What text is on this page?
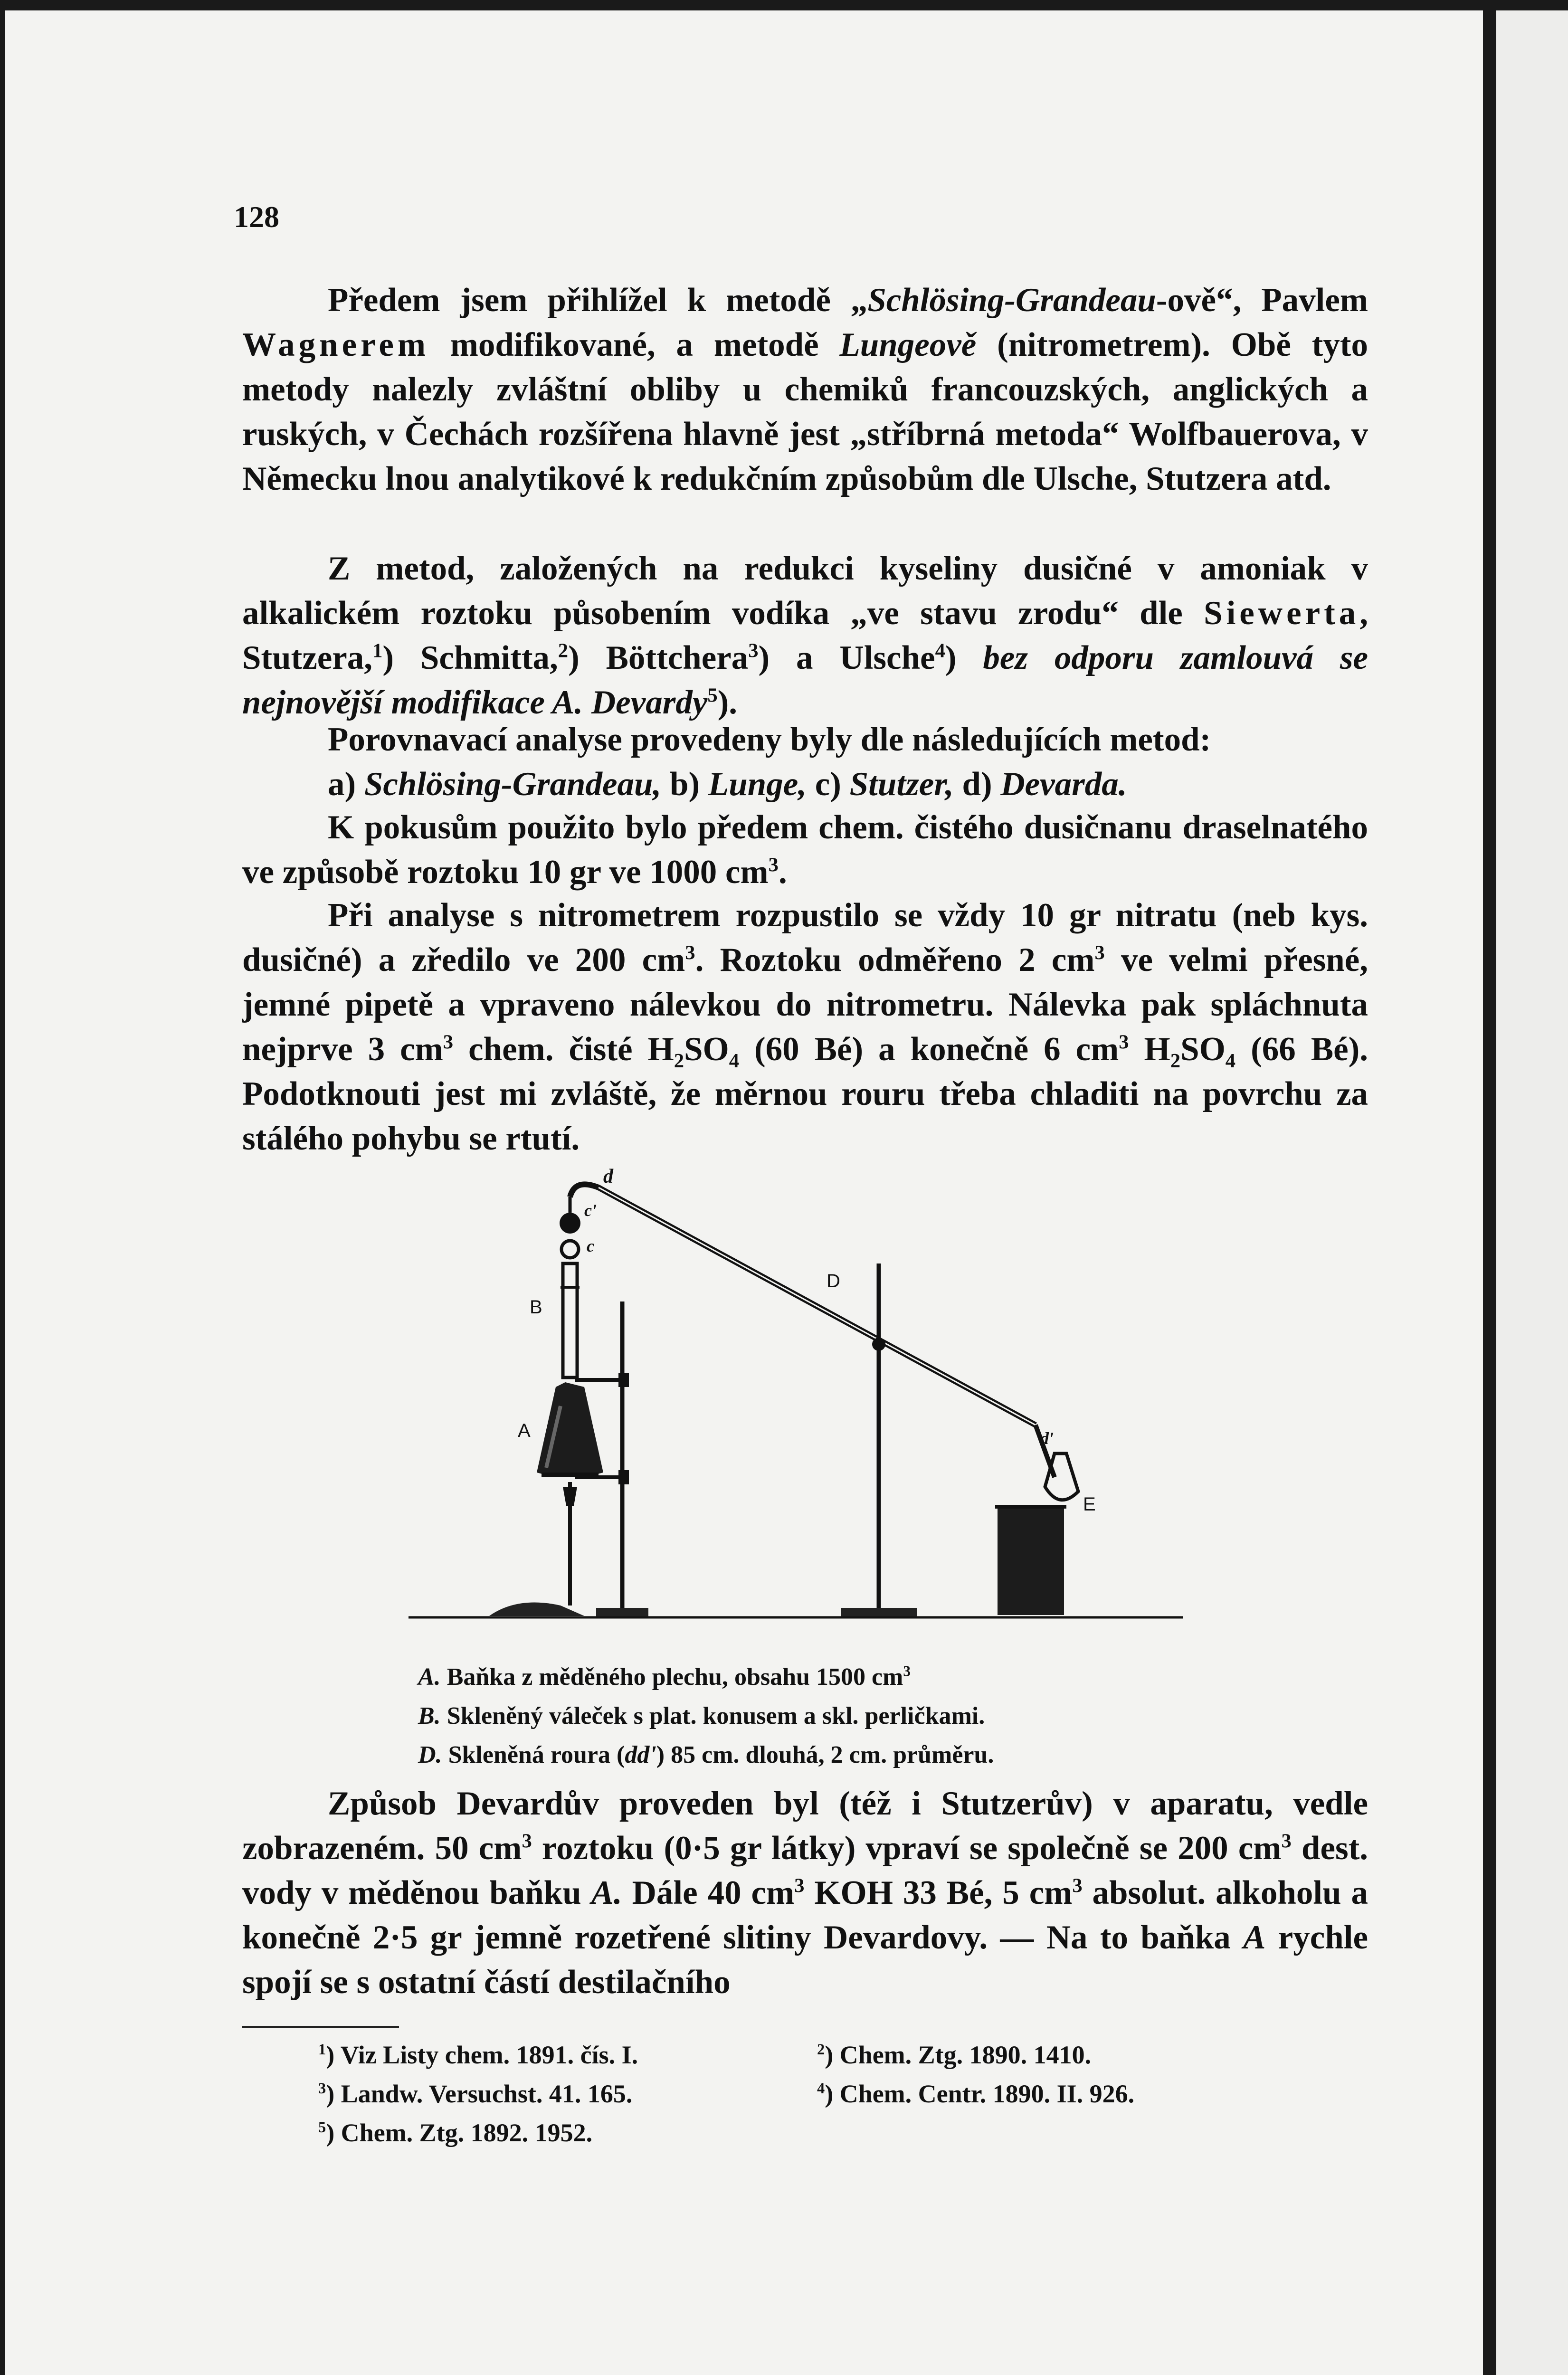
128

Předem jsem přihlížel k metodě „Schlösing-Grandeau-ově“, Pavlem Wagnerem modifikované, a metodě Lungeově (nitrometrem). Obě tyto metody nalezly zvláštní obliby u chemiků francouzských, anglických a ruských, v Čechách rozšířena hlavně jest „stříbrná metoda“ Wolfbauerova, v Německu lnou analytikové k redukčním způsobům dle Ulsche, Stutzera atd.

Z metod, založených na redukci kyseliny dusičné v amoniak v alkalickém roztoku působením vodíka „ve stavu zrodu“ dle Siewerta, Stutzera,$^1$) Schmitta,$^2$) Böttchera$^3$) a Ulsche$^4$) bez odporu zamlouvá se nejnovější modifikace A. Devardy$^5$).

Porovnavací analyse provedeny byly dle následujících metod:

a) Schlösing-Grandeau, b) Lunge, c) Stutzer, d) Devarda.

K pokusům použito bylo předem chem. čistého dusičnanu draselnatého ve způsobě roztoku 10 gr ve 1000 $cm^3$.

Při analyse s nitrometrem rozpustilo se vždy 10 gr nitratu (neb kys. dusičné) a zředilo ve 200 $cm^3$. Roztoku odměřeno 2 $cm^3$ ve velmi přesné, jemné pipetě a vpraveno nálevkou do nitrometru. Nálevka pak spláchnuta nejprve 3 $cm^3$ chem. čisté $H_2SO_4$ (60 Bé) a konečně 6 $cm^3$ $H_2SO_4$ (66 Bé). Podotknouti jest mi zvláště, že měrnou rouru třeba chladiti na povrchu za stálého pohybu se rtutí.

d
c'
c
B
D
A	d'
E
A. Baňka z měděného plechu, obsahu 1500 $cm^3$
B. Skleněný váleček s plat. konusem a skl. perličkami.
D. Skleněná roura (dd') 85 cm. dlouhá, 2 cm. průměru.

Způsob Devardův proveden byl (též i Stutzerův) v aparatu, vedle zobrazeném. 50 $cm^3$ roztoku (0·5 gr látky) vpraví se společně se 200 $cm^3$ dest. vody v měděnou baňku A. Dále 40 $cm^3$ KOH 33 Bé, 5 $cm^3$ absolut. alkoholu a konečně 2·5 gr jemně rozetřené slitiny Devardovy. — Na to baňka A rychle spojí se s ostatní částí destilačního

$^1$) Viz Listy chem. 1891. čís. I.	$^2$) Chem. Ztg. 1890. 1410.
$^3$) Landw. Versuchst. 41. 165.	$^4$) Chem. Centr. 1890. II. 926.
$^5$) Chem. Ztg. 1892. 1952.
